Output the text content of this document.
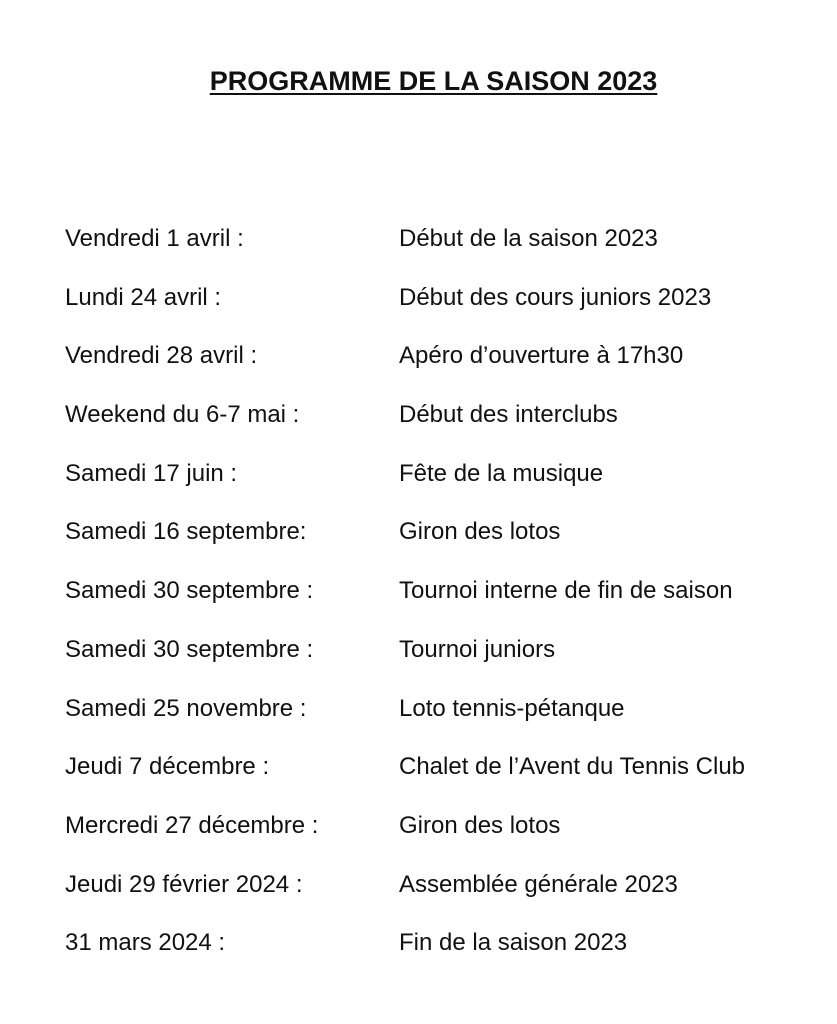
PROGRAMME DE LA SAISON 2023
Vendredi 1 avril :	Début de la saison 2023
Lundi 24 avril :	Début des cours juniors 2023
Vendredi 28 avril :	Apéro d’ouverture à 17h30
Weekend du 6-7 mai :	Début des interclubs
Samedi 17 juin :	Fête de la musique
Samedi 16 septembre:	Giron des lotos
Samedi 30 septembre :	Tournoi interne de fin de saison
Samedi 30 septembre :	Tournoi juniors
Samedi 25 novembre :	Loto tennis-pétanque
Jeudi 7 décembre :	Chalet de l’Avent du Tennis Club
Mercredi 27 décembre :	Giron des lotos
Jeudi 29 février 2024 :	Assemblée générale 2023
31 mars 2024 :	Fin de la saison 2023
